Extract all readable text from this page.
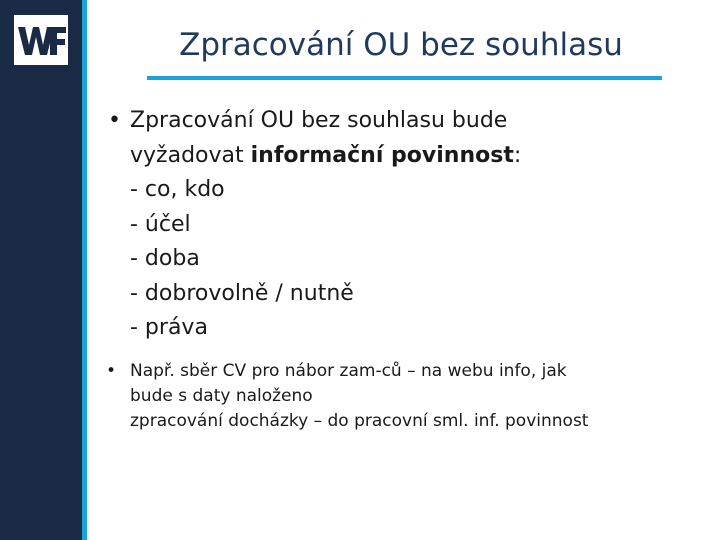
Zpracování OU bez souhlasu
• Zpracování OU bez souhlasu bude
vyžadovat informační povinnost:
- co, kdo
- účel
- doba
- dobrovolně / nutně
- práva
• Např. sběr CV pro nábor zam-ců – na webu info, jak
bude s daty naloženo
zpracování docházky – do pracovní sml. inf. povinnost
